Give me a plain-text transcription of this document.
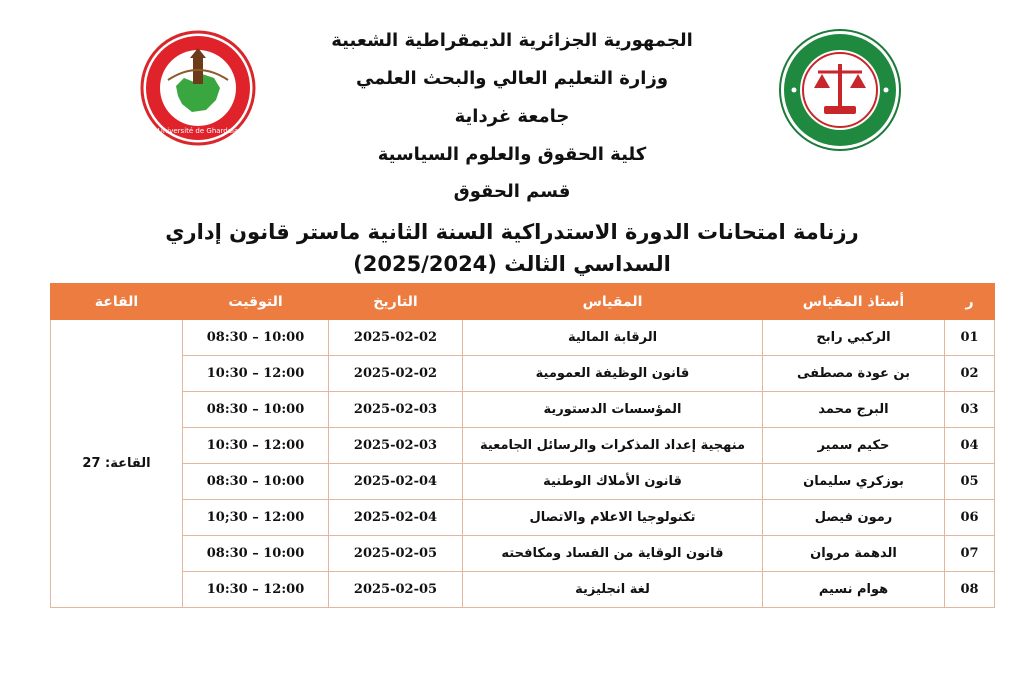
Université de Ghardaia
الجمهورية الجزائرية الديمقراطية الشعبية
وزارة التعليم العالي والبحث العلمي
جامعة غرداية
كلية الحقوق والعلوم السياسية
قسم الحقوق
رزنامة امتحانات الدورة الاستدراكية السنة الثانية ماستر قانون إداري
السداسي الثالث (2025/2024)
ر	أستاذ المقياس	المقياس	التاريخ	التوقيت	القاعة
01	الركبي رابح	الرقابة المالية	2025-02-02	08:30 – 10:00	القاعة: 27
02	بن عودة مصطفى	قانون الوظيفة العمومية	2025-02-02	10:30 – 12:00	
03	البرج محمد	المؤسسات الدستورية	2025-02-03	08:30 – 10:00	
04	حكيم سمير	منهجية إعداد المذكرات والرسائل الجامعية	2025-02-03	10:30 – 12:00	
05	بوزكري سليمان	قانون الأملاك الوطنية	2025-02-04	08:30 – 10:00	
06	رمون فيصل	تكنولوجيا الاعلام والاتصال	2025-02-04	10;30 – 12:00	
07	الدهمة مروان	قانون الوقاية من الفساد ومكافحته	2025-02-05	08:30 – 10:00	
08	هوام نسيم	لغة انجليزية	2025-02-05	10:30 – 12:00	
